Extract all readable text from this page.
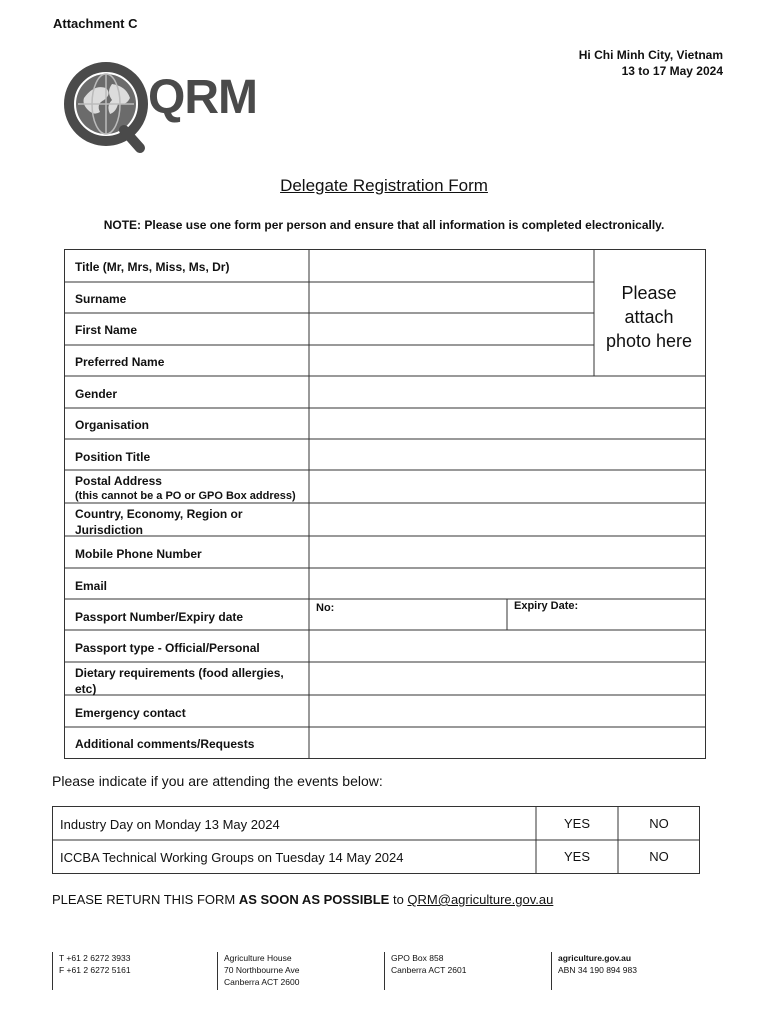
Attachment C
Hi Chi Minh City, Vietnam
13 to 17 May 2024
QRM
Delegate Registration Form
NOTE: Please use one form per person and ensure that all information is completed electronically.
Title (Mr, Mrs, Miss, Ms, Dr)
Surname
First Name
Preferred Name
Gender
Organisation
Position Title
Postal Address
(this cannot be a PO or GPO Box address)
Country, Economy, Region or
Jurisdiction
Mobile Phone Number
Email
Passport Number/Expiry date
No:	Expiry Date:
Passport type - Official/Personal
Dietary requirements (food allergies,
etc)
Emergency contact
Additional comments/Requests
Please
attach
photo here
Please indicate if you are attending the events below:
Industry Day on Monday 13 May 2024	YES	NO
ICCBA Technical Working Groups on Tuesday 14 May 2024	YES	NO
PLEASE RETURN THIS FORM AS SOON AS POSSIBLE to QRM@agriculture.gov.au
T +61 2 6272 3933
F +61 2 6272 5161
Agriculture House
70 Northbourne Ave
Canberra ACT 2600
GPO Box 858
Canberra ACT 2601
agriculture.gov.au
ABN 34 190 894 983
